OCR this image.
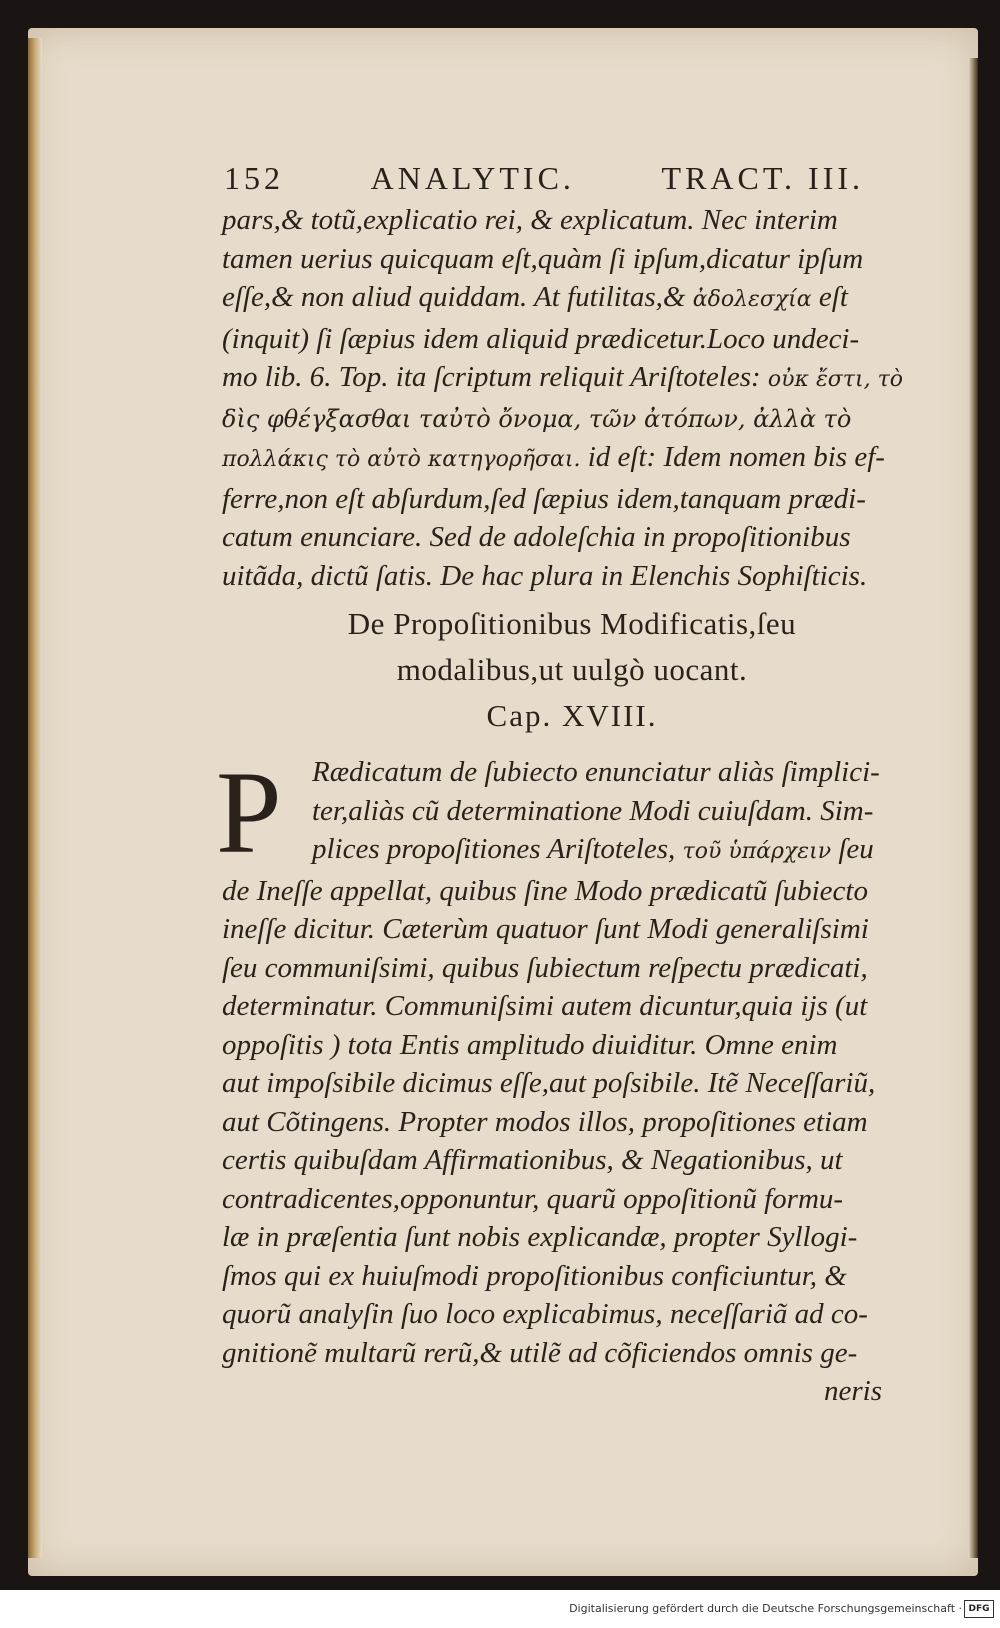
152	ANALYTIC.	TRACT. III.
pars,& totũ,explicatio rei, & explicatum. Nec interim
tamen uerius quicquam eſt,quàm ſi ipſum,dicatur ipſum
eſſe,& non aliud quiddam. At futilitas,& ἀδολεσχία eſt
(inquit) ſi ſæpius idem aliquid prædicetur.Loco undeci-
mo lib. 6. Top. ita ſcriptum reliquit Ariſtoteles: οὐκ ἔστι, τὸ
δὶς φθέγξασθαι ταὐτὸ ὄνομα, τῶν ἀτόπων, ἀλλὰ τὸ
πολλάκις τὸ αὐτὸ κατηγορῆσαι. id eſt: Idem nomen bis ef-
ferre,non eſt abſurdum,ſed ſæpius idem,tanquam prædi-
catum enunciare. Sed de adoleſchia in propoſitionibus
uitãda, dictũ ſatis. De hac plura in Elenchis Sophiſticis.
De Propoſitionibus Modificatis,ſeu
modalibus,ut uulgò uocant.
Cap. XVIII.
P	Rædicatum de ſubiecto enunciatur aliàs ſimplici-
ter,aliàs cũ determinatione Modi cuiuſdam. Sim-
plices propoſitiones Ariſtoteles, τοῦ ὑπάρχειν ſeu
de Ineſſe appellat, quibus ſine Modo prædicatũ ſubiecto
ineſſe dicitur. Cæterùm quatuor ſunt Modi generaliſsimi
ſeu communiſsimi, quibus ſubiectum reſpectu prædicati,
determinatur. Communiſsimi autem dicuntur,quia ijs (ut
oppoſitis ) tota Entis amplitudo diuiditur. Omne enim
aut impoſsibile dicimus eſſe,aut poſsibile. Itẽ Neceſſariũ,
aut Cõtingens. Propter modos illos, propoſitiones etiam
certis quibuſdam Affirmationibus, & Negationibus, ut
contradicentes,opponuntur, quarũ oppoſitionũ formu-
læ in præſentia ſunt nobis explicandæ, propter Syllogi-
ſmos qui ex huiuſmodi propoſitionibus conficiuntur, &
quorũ analyſin ſuo loco explicabimus, neceſſariã ad co-
gnitionẽ multarũ rerũ,& utilẽ ad cõficiendos omnis ge-
neris
Digitalisierung gefördert durch die Deutsche Forschungsgemeinschaft · DFG
